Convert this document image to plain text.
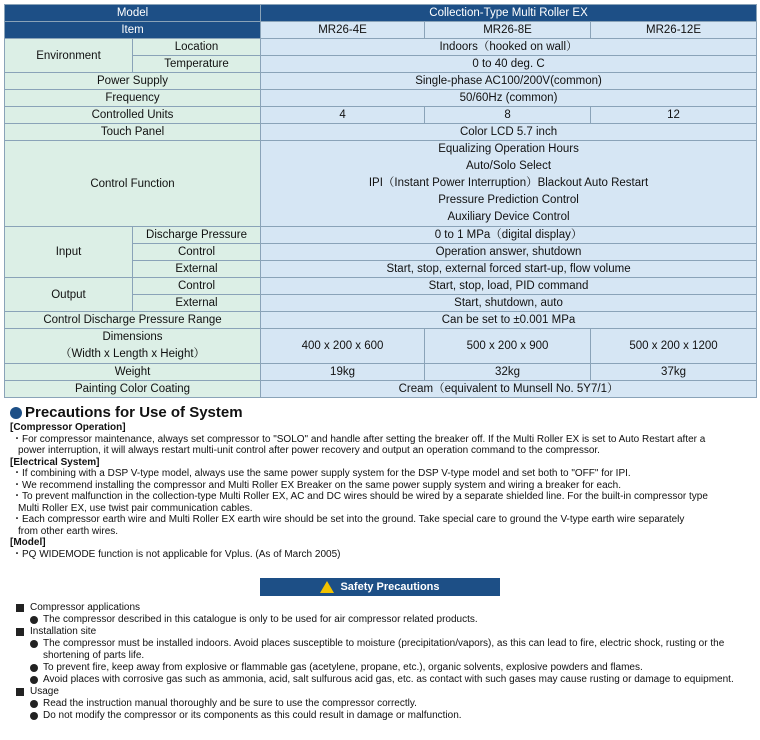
Model		Collection-Type Multi Roller EX		
Item		MR26-4E	MR26-8E	MR26-12E
Environment	Location	Indoors（hooked on wall）		
	Temperature	0 to 40 deg. C		
Power Supply		Single-phase AC100/200V(common)		
Frequency		50/60Hz (common)		
Controlled Units		4	8	12
Touch Panel		Color LCD 5.7 inch		
Control Function		Equalizing Operation Hours
Auto/Solo Select
IPI（Instant Power Interruption）Blackout Auto Restart
Pressure Prediction Control
Auxiliary Device Control		

Input	Discharge Pressure	0 to 1 MPa（digital display）		
	Control	Operation answer, shutdown		
	External	Start, stop, external forced start-up, flow volume		
Output	Control	Start, stop, load, PID command		
	External	Start, shutdown, auto		
Control Discharge Pressure Range		Can be set to ±0.001 MPa		

Dimensions
（Width x Length x Height）		400 x 200 x 600	500 x 200 x 900	500 x 200 x 1200
Weight		19kg	32kg	37kg
Painting Color Coating		Cream（equivalent to Munsell No. 5Y7/1）		
Precautions for Use of System
[Compressor Operation]
・For compressor maintenance, always set compressor to "SOLO" and handle after setting the breaker off. If the Multi Roller EX is set to Auto Restart after a
power interruption, it will always restart multi-unit control after power recovery and output an operation command to the compressor.
[Electrical System]
・If combining with a DSP V-type model, always use the same power supply system for the DSP V-type model and set both to "OFF" for IPI.
・We recommend installing the compressor and Multi Roller EX Breaker on the same power supply system and wiring a breaker for each.
・To prevent malfunction in the collection-type Multi Roller EX, AC and DC wires should be wired by a separate shielded line. For the built-in compressor type
Multi Roller EX, use twist pair communication cables.
・Each compressor earth wire and Multi Roller EX earth wire should be set into the ground. Take special care to ground the V-type earth wire separately
from other earth wires.
[Model]
・PQ WIDEMODE function is not applicable for Vplus. (As of March 2005)
Safety Precautions
Compressor applications
The compressor described in this catalogue is only to be used for air compressor related products.
Installation site
The compressor must be installed indoors. Avoid places susceptible to moisture (precipitation/vapors), as this can lead to fire, electric shock, rusting or the shortening of parts life.
To prevent fire, keep away from explosive or flammable gas (acetylene, propane, etc.), organic solvents, explosive powders and flames.
Avoid places with corrosive gas such as ammonia, acid, salt sulfurous acid gas, etc. as contact with such gases may cause rusting or damage to equipment.
Usage
Read the instruction manual thoroughly and be sure to use the compressor correctly.
Do not modify the compressor or its components as this could result in damage or malfunction.
